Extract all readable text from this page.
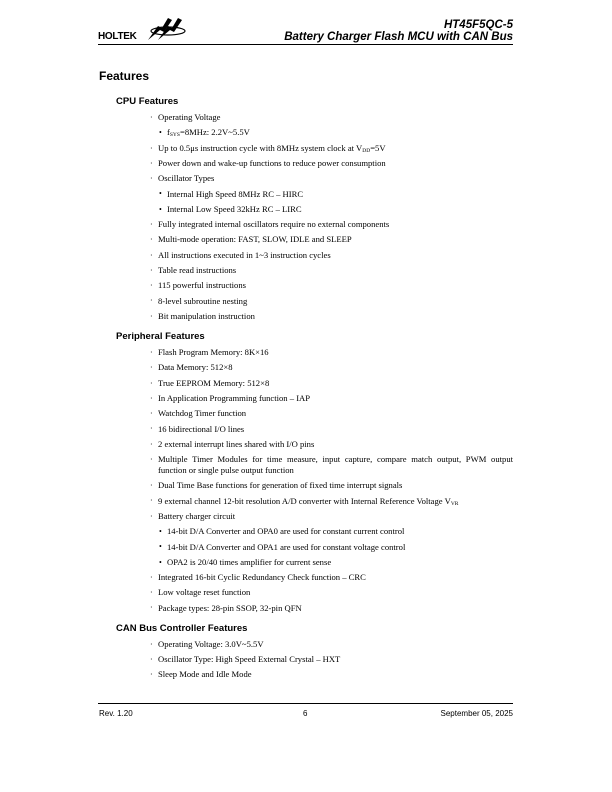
HOLTEK
HT45F5QC-5
Battery Charger Flash MCU with CAN Bus
Features
CPU Features
· Operating Voltage
• $f_{SYS}=8MHz$: 2.2V~5.5V
· Up to 0.5μs instruction cycle with 8MHz system clock at $V_{DD}=5V$
· Power down and wake-up functions to reduce power consumption
· Oscillator Types
• Internal High Speed 8MHz RC – HIRC
• Internal Low Speed 32kHz RC – LIRC
· Fully integrated internal oscillators require no external components
· Multi-mode operation: FAST, SLOW, IDLE and SLEEP
· All instructions executed in 1~3 instruction cycles
· Table read instructions
· 115 powerful instructions
· 8-level subroutine nesting
· Bit manipulation instruction
Peripheral Features
· Flash Program Memory: 8K×16
· Data Memory: 512×8
· True EEPROM Memory: 512×8
· In Application Programming function – IAP
· Watchdog Timer function
· 16 bidirectional I/O lines
· 2 external interrupt lines shared with I/O pins
· Multiple Timer Modules for time measure, input capture, compare match output, PWM output function or single pulse output function
· Dual Time Base functions for generation of fixed time interrupt signals
· 9 external channel 12-bit resolution A/D converter with Internal Reference Voltage $V_{VR}$
· Battery charger circuit
• 14-bit D/A Converter and OPA0 are used for constant current control
• 14-bit D/A Converter and OPA1 are used for constant voltage control
• OPA2 is 20/40 times amplifier for current sense
· Integrated 16-bit Cyclic Redundancy Check function – CRC
· Low voltage reset function
· Package types: 28-pin SSOP, 32-pin QFN
CAN Bus Controller Features
· Operating Voltage: 3.0V~5.5V
· Oscillator Type: High Speed External Crystal – HXT
· Sleep Mode and Idle Mode
Rev. 1.20	6	September 05, 2025
